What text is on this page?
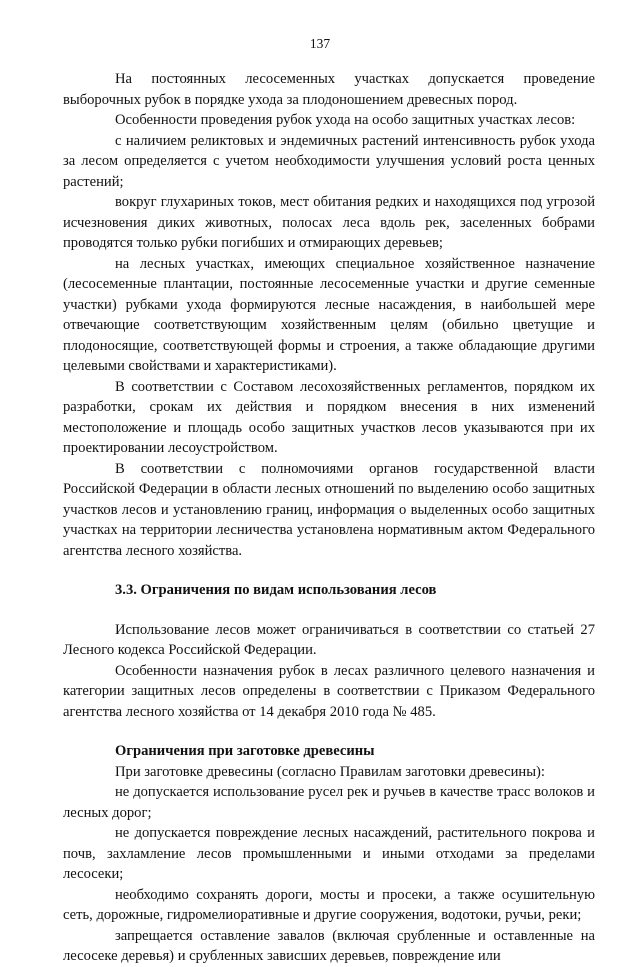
137

На постоянных лесосеменных участках допускается проведение выборочных рубок в порядке ухода за плодоношением древесных пород.

Особенности проведения рубок ухода на особо защитных участках лесов:

с наличием реликтовых и эндемичных растений интенсивность рубок ухода за лесом определяется с учетом необходимости улучшения условий роста ценных растений;

вокруг глухариных токов, мест обитания редких и находящихся под угрозой исчезновения диких животных, полосах леса вдоль рек, заселенных бобрами проводятся только рубки погибших и отмирающих деревьев;

на лесных участках, имеющих специальное хозяйственное назначение (лесосеменные плантации, постоянные лесосеменные участки и другие семенные участки) рубками ухода формируются лесные насаждения, в наибольшей мере отвечающие соответствующим хозяйственным целям (обильно цветущие и плодоносящие, соответствующей формы и строения, а также обладающие другими целевыми свойствами и характеристиками).

В соответствии с Составом лесохозяйственных регламентов, порядком их разработки, срокам их действия и порядком внесения в них изменений местоположение и площадь особо защитных участков лесов указываются при их проектировании лесоустройством.

В соответствии с полномочиями органов государственной власти Российской Федерации в области лесных отношений по выделению особо защитных участков лесов и установлению границ, информация о выделенных особо защитных участках на территории лесничества установлена нормативным актом Федерального агентства лесного хозяйства.

3.3. Ограничения по видам использования лесов

Использование лесов может ограничиваться в соответствии со статьей 27 Лесного кодекса Российской Федерации.

Особенности назначения рубок в лесах различного целевого назначения и категории защитных лесов определены в соответствии с Приказом Федерального агентства лесного хозяйства от 14 декабря 2010 года № 485.

Ограничения при заготовке древесины

При заготовке древесины (согласно Правилам заготовки древесины):

не допускается использование русел рек и ручьев в качестве трасс волоков и лесных дорог;

не допускается повреждение лесных насаждений, растительного покрова и почв, захламление лесов промышленными и иными отходами за пределами лесосеки;

необходимо сохранять дороги, мосты и просеки, а также осушительную сеть, дорожные, гидромелиоративные и другие сооружения, водотоки, ручьи, реки;

запрещается оставление завалов (включая срубленные и оставленные на лесосеке деревья) и срубленных зависших деревьев, повреждение или
